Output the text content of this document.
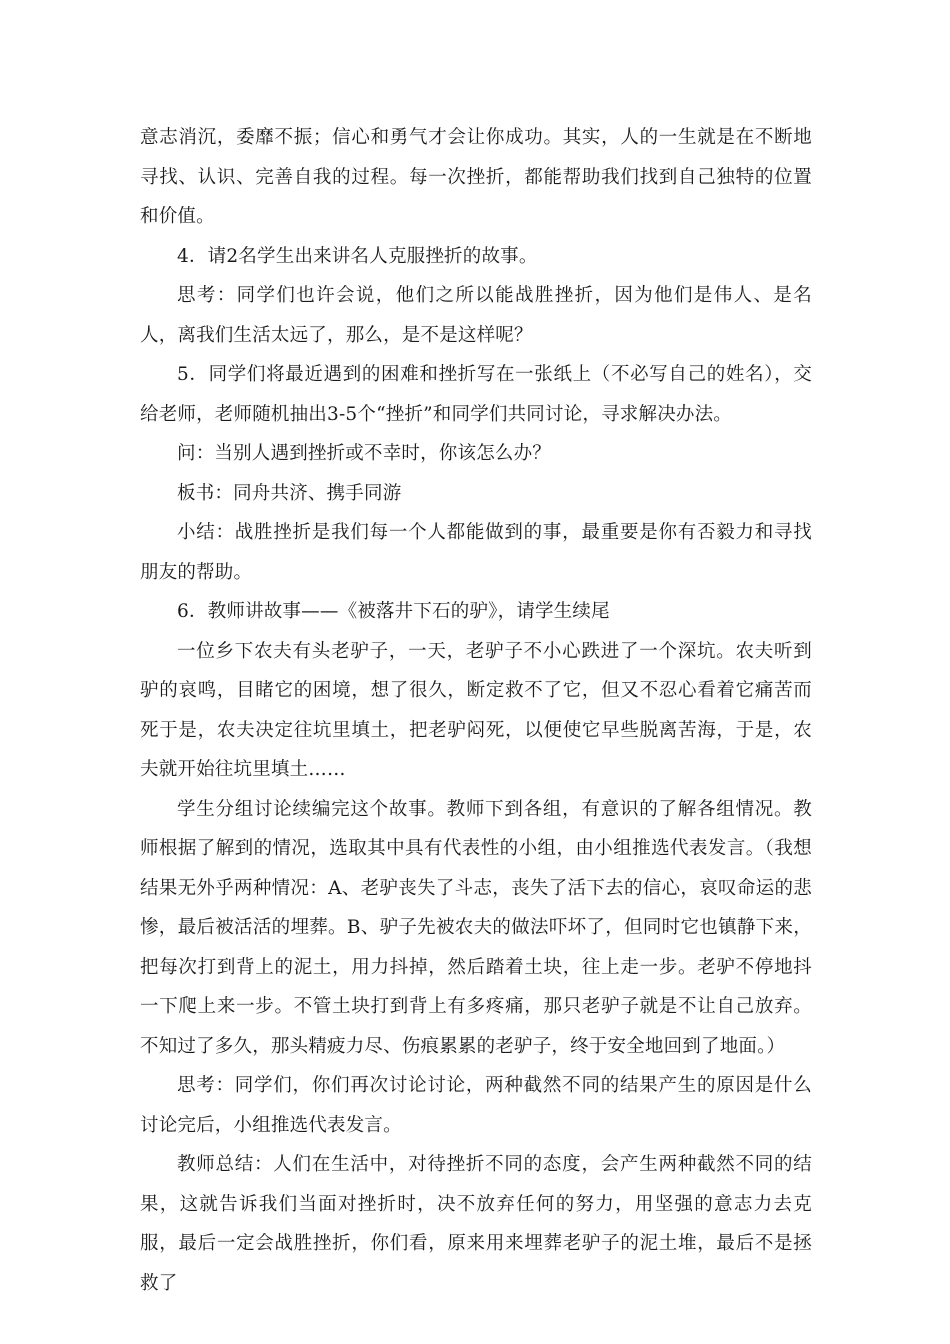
意志消沉，委靡不振；信心和勇气才会让你成功。其实，人的一生就是在不断地寻找、认识、完善自我的过程。每一次挫折，都能帮助我们找到自己独特的位置和价值。

4．请2名学生出来讲名人克服挫折的故事。

思考：同学们也许会说，他们之所以能战胜挫折，因为他们是伟人、是名人，离我们生活太远了，那么，是不是这样呢？

5．同学们将最近遇到的困难和挫折写在一张纸上（不必写自己的姓名），交给老师，老师随机抽出3-5个“挫折”和同学们共同讨论，寻求解决办法。

问：当别人遇到挫折或不幸时，你该怎么办？

板书：同舟共济、携手同游

小结：战胜挫折是我们每一个人都能做到的事，最重要是你有否毅力和寻找朋友的帮助。

6．教师讲故事——《被落井下石的驴》，请学生续尾

一位乡下农夫有头老驴子，一天，老驴子不小心跌进了一个深坑。农夫听到驴的哀鸣，目睹它的困境，想了很久，断定救不了它，但又不忍心看着它痛苦而死于是，农夫决定往坑里填土，把老驴闷死，以便使它早些脱离苦海，于是，农夫就开始往坑里填土……

学生分组讨论续编完这个故事。教师下到各组，有意识的了解各组情况。教师根据了解到的情况，选取其中具有代表性的小组，由小组推选代表发言。（我想结果无外乎两种情况：A、老驴丧失了斗志，丧失了活下去的信心，哀叹命运的悲惨，最后被活活的埋葬。B、驴子先被农夫的做法吓坏了，但同时它也镇静下来，把每次打到背上的泥土，用力抖掉，然后踏着土块，往上走一步。老驴不停地抖一下爬上来一步。不管土块打到背上有多疼痛，那只老驴子就是不让自己放弃。不知过了多久，那头精疲力尽、伤痕累累的老驴子，终于安全地回到了地面。）

思考：同学们，你们再次讨论讨论，两种截然不同的结果产生的原因是什么讨论完后，小组推选代表发言。

教师总结：人们在生活中，对待挫折不同的态度，会产生两种截然不同的结果，这就告诉我们当面对挫折时，决不放弃任何的努力，用坚强的意志力去克服，最后一定会战胜挫折，你们看，原来用来埋葬老驴子的泥土堆，最后不是拯救了
